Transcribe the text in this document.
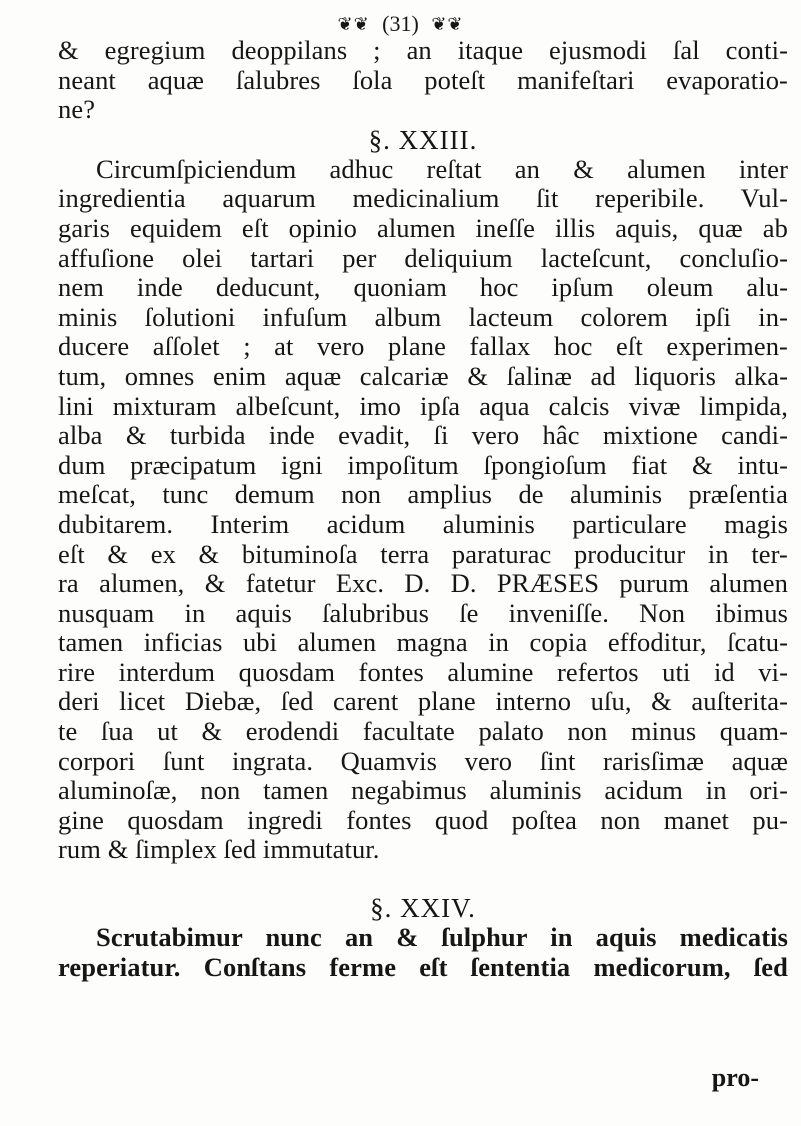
❦❦ (31) ❦❦
& egregium deoppilans ; an itaque ejusmodi ſal conti-
neant aquæ ſalubres ſola poteſt manifeſtari evaporatio-
ne?
§. XXIII.
Circumſpiciendum adhuc reſtat an & alumen inter
ingredientia aquarum medicinalium ſit reperibile. Vul-
garis equidem eſt opinio alumen ineſſe illis aquis, quæ ab
affuſione olei tartari per deliquium lacteſcunt, concluſio-
nem inde deducunt, quoniam hoc ipſum oleum alu-
minis ſolutioni infuſum album lacteum colorem ipſi in-
ducere aſſolet ; at vero plane fallax hoc eſt experimen-
tum, omnes enim aquæ calcariæ & ſalinæ ad liquoris alka-
lini mixturam albeſcunt, imo ipſa aqua calcis vivæ limpida,
alba & turbida inde evadit, ſi vero hâc mixtione candi-
dum præcipatum igni impoſitum ſpongioſum fiat & intu-
meſcat, tunc demum non amplius de aluminis præſentia
dubitarem. Interim acidum aluminis particulare magis
eſt & ex & bituminoſa terra paraturac producitur in ter-
ra alumen, & fatetur Exc. D. D. PRÆSES purum alumen
nusquam in aquis ſalubribus ſe inveniſſe. Non ibimus
tamen inficias ubi alumen magna in copia effoditur, ſcatu-
rire interdum quosdam fontes alumine refertos uti id vi-
deri licet Diebæ, ſed carent plane interno uſu, & auſterita-
te ſua ut & erodendi facultate palato non minus quam-
corpori ſunt ingrata. Quamvis vero ſint rarisſimæ aquæ
aluminoſæ, non tamen negabimus aluminis acidum in ori-
gine quosdam ingredi fontes quod poſtea non manet pu-
rum & ſimplex ſed immutatur.
§. XXIV.
Scrutabimur nunc an & ſulphur in aquis medicatis
reperiatur. Conſtans ferme eſt ſententia medicorum, ſed
pro-
